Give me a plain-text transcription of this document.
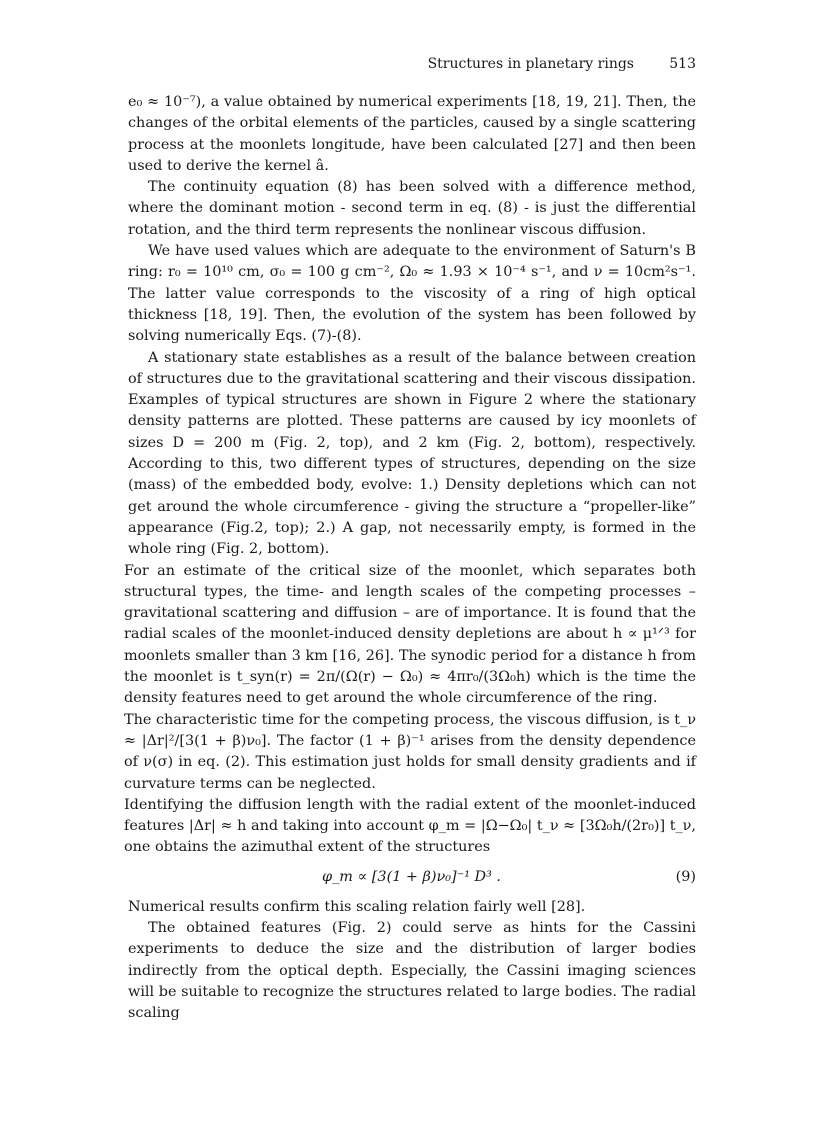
Structures in planetary rings	513

e₀ ≈ 10⁻⁷), a value obtained by numerical experiments [18, 19, 21]. Then, the changes of the orbital elements of the particles, caused by a single scattering process at the moonlets longitude, have been calculated [27] and then been used to derive the kernel â.

The continuity equation (8) has been solved with a difference method, where the dominant motion - second term in eq. (8) - is just the differential rotation, and the third term represents the nonlinear viscous diffusion.

We have used values which are adequate to the environment of Saturn's B ring: r₀ = 10¹⁰ cm, σ₀ = 100 g cm⁻², Ω₀ ≈ 1.93 × 10⁻⁴ s⁻¹, and ν = 10cm²s⁻¹. The latter value corresponds to the viscosity of a ring of high optical thickness [18, 19]. Then, the evolution of the system has been followed by solving numerically Eqs. (7)-(8).

A stationary state establishes as a result of the balance between creation of structures due to the gravitational scattering and their viscous dissipation. Examples of typical structures are shown in Figure 2 where the stationary density patterns are plotted. These patterns are caused by icy moonlets of sizes D = 200 m (Fig. 2, top), and 2 km (Fig. 2, bottom), respectively. According to this, two different types of structures, depending on the size (mass) of the embedded body, evolve: 1.) Density depletions which can not get around the whole circumference - giving the structure a “propeller-like” appearance (Fig.2, top); 2.) A gap, not necessarily empty, is formed in the whole ring (Fig. 2, bottom).

For an estimate of the critical size of the moonlet, which separates both structural types, the time- and length scales of the competing processes – gravitational scattering and diffusion – are of importance. It is found that the radial scales of the moonlet-induced density depletions are about h ∝ μ¹ᐟ³ for moonlets smaller than 3 km [16, 26]. The synodic period for a distance h from the moonlet is t_syn(r) = 2π/(Ω(r) − Ω₀) ≈ 4πr₀/(3Ω₀h) which is the time the density features need to get around the whole circumference of the ring.

The characteristic time for the competing process, the viscous diffusion, is t_ν ≈ |Δr|²/[3(1 + β)ν₀]. The factor (1 + β)⁻¹ arises from the density dependence of ν(σ) in eq. (2). This estimation just holds for small density gradients and if curvature terms can be neglected.

Identifying the diffusion length with the radial extent of the moonlet-induced features |Δr| ≈ h and taking into account φ_m = |Ω−Ω₀| t_ν ≈ [3Ω₀h/(2r₀)] t_ν, one obtains the azimuthal extent of the structures

φ_m ∝ [3(1 + β)ν₀]⁻¹ D³ .	(9)

Numerical results confirm this scaling relation fairly well [28].

The obtained features (Fig. 2) could serve as hints for the Cassini experiments to deduce the size and the distribution of larger bodies indirectly from the optical depth. Especially, the Cassini imaging sciences will be suitable to recognize the structures related to large bodies. The radial scaling
